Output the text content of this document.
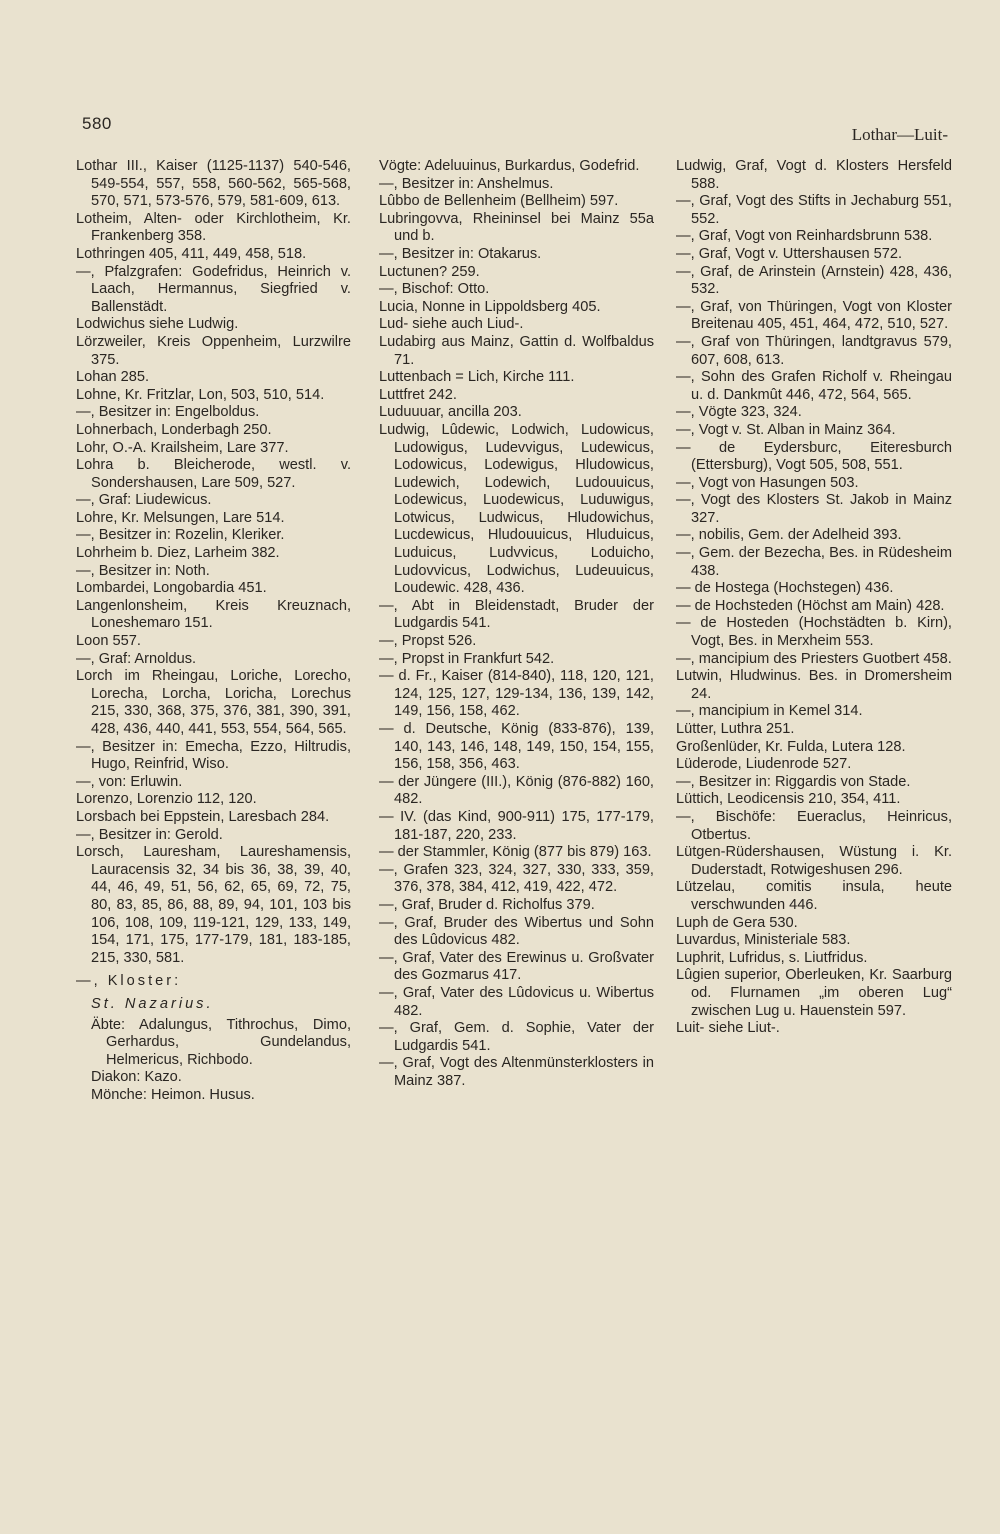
580
Lothar—Luit-
Lothar III., Kaiser (1125-1137) 540-546, 549-554, 557, 558, 560-562, 565-568, 570, 571, 573-576, 579, 581-609, 613.
Lotheim, Alten- oder Kirchlotheim, Kr. Frankenberg 358.
Lothringen 405, 411, 449, 458, 518.
—, Pfalzgrafen: Godefridus, Heinrich v. Laach, Hermannus, Siegfried v. Ballenstädt.
Lodwichus siehe Ludwig.
Lörzweiler, Kreis Oppenheim, Lurzwilre 375.
Lohan 285.
Lohne, Kr. Fritzlar, Lon, 503, 510, 514.
—, Besitzer in: Engelboldus.
Lohnerbach, Londerbagh 250.
Lohr, O.-A. Krailsheim, Lare 377.
Lohra b. Bleicherode, westl. v. Sondershausen, Lare 509, 527.
—, Graf: Liudewicus.
Lohre, Kr. Melsungen, Lare 514.
—, Besitzer in: Rozelin, Kleriker.
Lohrheim b. Diez, Larheim 382.
—, Besitzer in: Noth.
Lombardei, Longobardia 451.
Langenlonsheim, Kreis Kreuznach, Loneshemaro 151.
Loon 557.
—, Graf: Arnoldus.
Lorch im Rheingau, Loriche, Lorecho, Lorecha, Lorcha, Loricha, Lorechus 215, 330, 368, 375, 376, 381, 390, 391, 428, 436, 440, 441, 553, 554, 564, 565.
—, Besitzer in: Emecha, Ezzo, Hiltrudis, Hugo, Reinfrid, Wiso.
—, von: Erluwin.
Lorenzo, Lorenzio 112, 120.
Lorsbach bei Eppstein, Laresbach 284.
—, Besitzer in: Gerold.
Lorsch, Lauresham, Laureshamensis, Lauracensis 32, 34 bis 36, 38, 39, 40, 44, 46, 49, 51, 56, 62, 65, 69, 72, 75, 80, 83, 85, 86, 88, 89, 94, 101, 103 bis 106, 108, 109, 119-121, 129, 133, 149, 154, 171, 175, 177-179, 181, 183-185, 215, 330, 581.
—, Kloster:
St. Nazarius.
Äbte: Adalungus, Tithrochus, Dimo, Gerhardus, Gundelandus, Helmericus, Richbodo.
Diakon: Kazo.
Mönche: Heimon. Husus.
Vögte: Adeluuinus, Burkardus, Godefrid.
—, Besitzer in: Anshelmus.
Lûbbo de Bellenheim (Bellheim) 597.
Lubringovva, Rheininsel bei Mainz 55a und b.
—, Besitzer in: Otakarus.
Luctunen? 259.
—, Bischof: Otto.
Lucia, Nonne in Lippoldsberg 405.
Lud- siehe auch Liud-.
Ludabirg aus Mainz, Gattin d. Wolfbaldus 71.
Luttenbach = Lich, Kirche 111.
Luttfret 242.
Luduuuar, ancilla 203.
Ludwig, Lûdewic, Lodwich, Ludowicus, Ludowigus, Ludevvigus, Ludewicus, Lodowicus, Lodewigus, Hludowicus, Ludewich, Lodewich, Ludouuicus, Lodewicus, Luodewicus, Luduwigus, Lotwicus, Ludwicus, Hludowichus, Lucdewicus, Hludouuicus, Hluduicus, Luduicus, Ludvvicus, Loduicho, Ludovvicus, Lodwichus, Ludeuuicus, Loudewic. 428, 436.
—, Abt in Bleidenstadt, Bruder der Ludgardis 541.
—, Propst 526.
—, Propst in Frankfurt 542.
— d. Fr., Kaiser (814-840), 118, 120, 121, 124, 125, 127, 129-134, 136, 139, 142, 149, 156, 158, 462.
— d. Deutsche, König (833-876), 139, 140, 143, 146, 148, 149, 150, 154, 155, 156, 158, 356, 463.
— der Jüngere (III.), König (876-882) 160, 482.
— IV. (das Kind, 900-911) 175, 177-179, 181-187, 220, 233.
— der Stammler, König (877 bis 879) 163.
—, Grafen 323, 324, 327, 330, 333, 359, 376, 378, 384, 412, 419, 422, 472.
—, Graf, Bruder d. Richolfus 379.
—, Graf, Bruder des Wibertus und Sohn des Lûdovicus 482.
—, Graf, Vater des Erewinus u. Großvater des Gozmarus 417.
—, Graf, Vater des Lûdovicus u. Wibertus 482.
—, Graf, Gem. d. Sophie, Vater der Ludgardis 541.
—, Graf, Vogt des Altenmünsterklosters in Mainz 387.
Ludwig, Graf, Vogt d. Klosters Hersfeld 588.
—, Graf, Vogt des Stifts in Jechaburg 551, 552.
—, Graf, Vogt von Reinhardsbrunn 538.
—, Graf, Vogt v. Uttershausen 572.
—, Graf, de Arinstein (Arnstein) 428, 436, 532.
—, Graf, von Thüringen, Vogt von Kloster Breitenau 405, 451, 464, 472, 510, 527.
—, Graf von Thüringen, landtgravus 579, 607, 608, 613.
—, Sohn des Grafen Richolf v. Rheingau u. d. Dankmût 446, 472, 564, 565.
—, Vögte 323, 324.
—, Vogt v. St. Alban in Mainz 364.
— de Eydersburc, Eiteresburch (Ettersburg), Vogt 505, 508, 551.
—, Vogt von Hasungen 503.
—, Vogt des Klosters St. Jakob in Mainz 327.
—, nobilis, Gem. der Adelheid 393.
—, Gem. der Bezecha, Bes. in Rüdesheim 438.
— de Hostega (Hochstegen) 436.
— de Hochsteden (Höchst am Main) 428.
— de Hosteden (Hochstädten b. Kirn), Vogt, Bes. in Merxheim 553.
—, mancipium des Priesters Guotbert 458.
Lutwin, Hludwinus. Bes. in Dromersheim 24.
—, mancipium in Kemel 314.
Lütter, Luthra 251.
Großenlüder, Kr. Fulda, Lutera 128.
Lüderode, Liudenrode 527.
—, Besitzer in: Riggardis von Stade.
Lüttich, Leodicensis 210, 354, 411.
—, Bischöfe: Eueraclus, Heinricus, Otbertus.
Lütgen-Rüdershausen, Wüstung i. Kr. Duderstadt, Rotwigeshusen 296.
Lützelau, comitis insula, heute verschwunden 446.
Luph de Gera 530.
Luvardus, Ministeriale 583.
Luphrit, Lufridus, s. Liutfridus.
Lûgien superior, Oberleuken, Kr. Saarburg od. Flurnamen „im oberen Lug“ zwischen Lug u. Hauenstein 597.
Luit- siehe Liut-.
